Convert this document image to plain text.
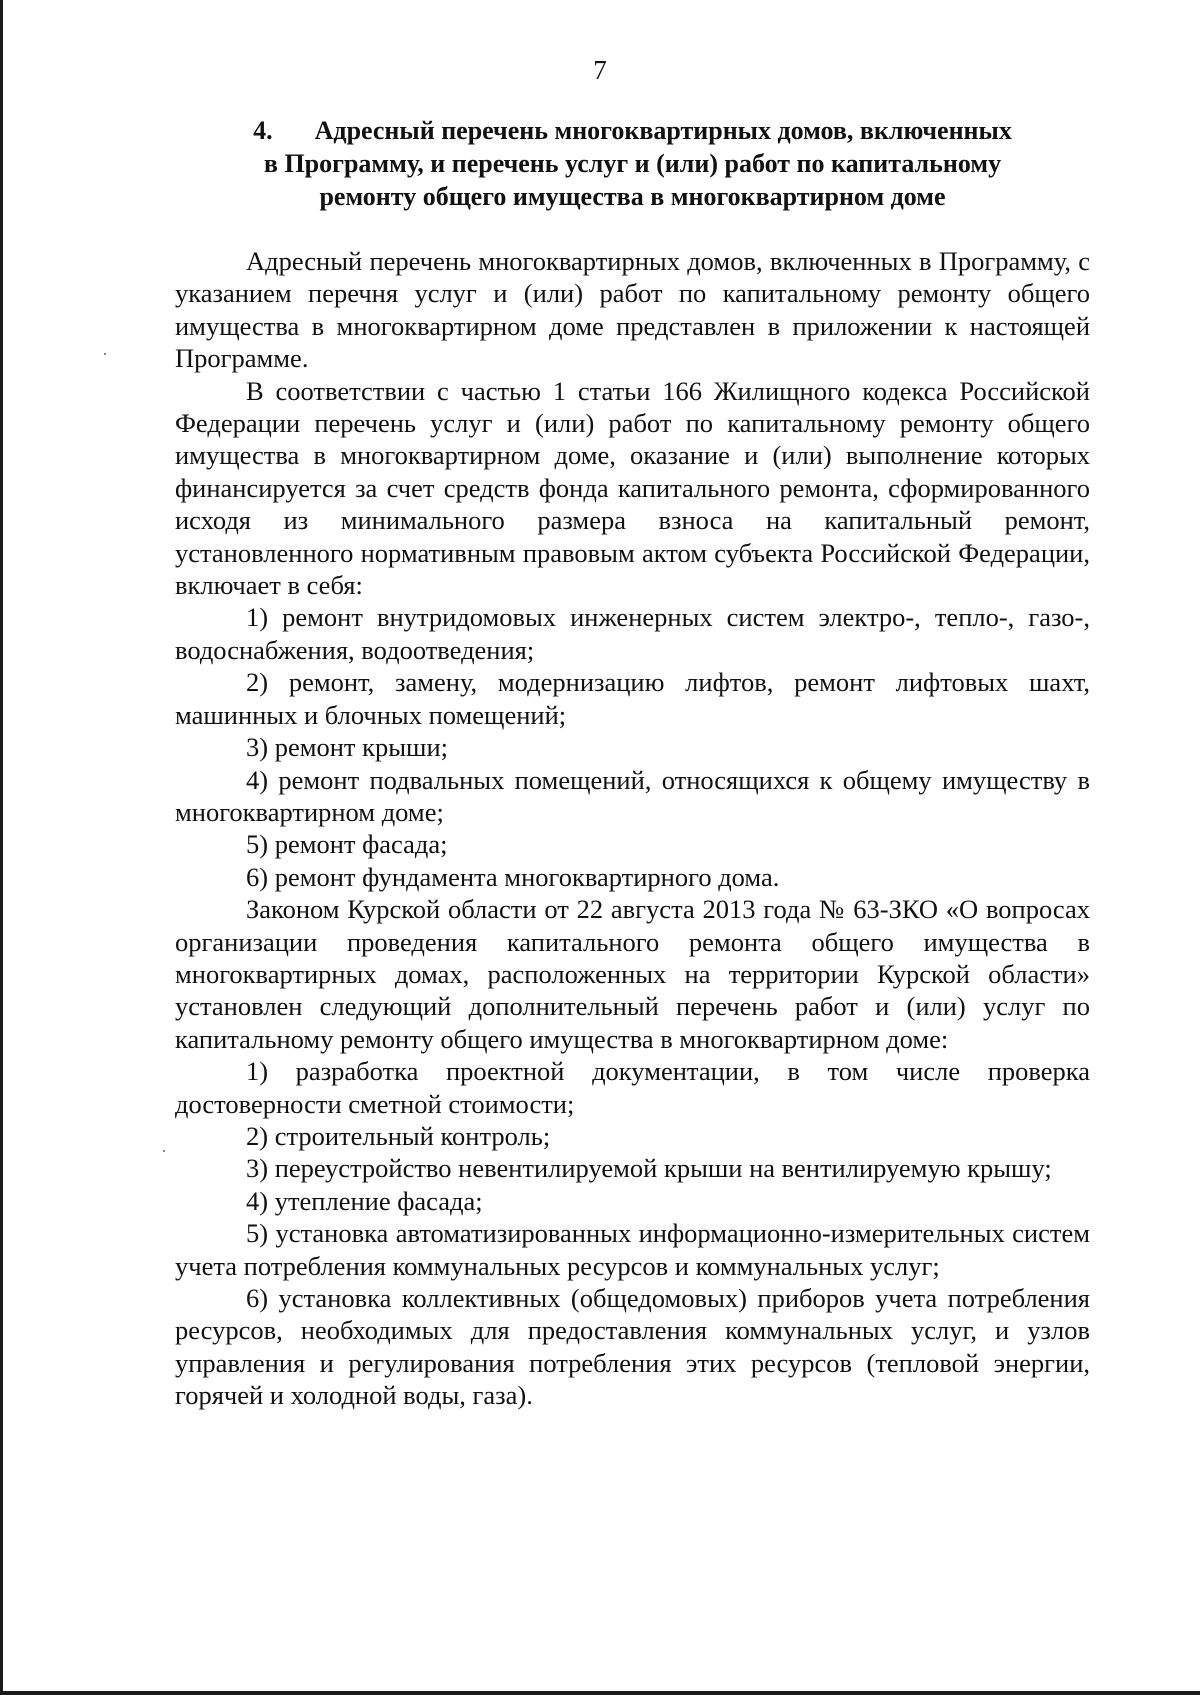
7
4. Адресный перечень многоквартирных домов, включенных
в Программу, и перечень услуг и (или) работ по капитальному
ремонту общего имущества в многоквартирном доме

Адресный перечень многоквартирных домов, включенных в Программу, с указанием перечня услуг и (или) работ по капитальному ремонту общего имущества в многоквартирном доме представлен в приложении к настоящей Программе.

В соответствии с частью 1 статьи 166 Жилищного кодекса Российской Федерации перечень услуг и (или) работ по капитальному ремонту общего имущества в многоквартирном доме, оказание и (или) выполнение которых финансируется за счет средств фонда капитального ремонта, сформированного исходя из минимального размера взноса на капитальный ремонт, установленного нормативным правовым актом субъекта Российской Федерации, включает в себя:

1) ремонт внутридомовых инженерных систем электро-, тепло-, газо-, водоснабжения, водоотведения;

2) ремонт, замену, модернизацию лифтов, ремонт лифтовых шахт, машинных и блочных помещений;

3) ремонт крыши;

4) ремонт подвальных помещений, относящихся к общему имуществу в многоквартирном доме;

5) ремонт фасада;

6) ремонт фундамента многоквартирного дома.

Законом Курской области от 22 августа 2013 года № 63-ЗКО «О вопросах организации проведения капитального ремонта общего имущества в многоквартирных домах, расположенных на территории Курской области» установлен следующий дополнительный перечень работ и (или) услуг по капитальному ремонту общего имущества в многоквартирном доме:

1) разработка проектной документации, в том числе проверка достоверности сметной стоимости;

2) строительный контроль;

3) переустройство невентилируемой крыши на вентилируемую крышу;

4) утепление фасада;

5) установка автоматизированных информационно-измерительных систем учета потребления коммунальных ресурсов и коммунальных услуг;

6) установка коллективных (общедомовых) приборов учета потребления ресурсов, необходимых для предоставления коммунальных услуг, и узлов управления и регулирования потребления этих ресурсов (тепловой энергии, горячей и холодной воды, газа).
